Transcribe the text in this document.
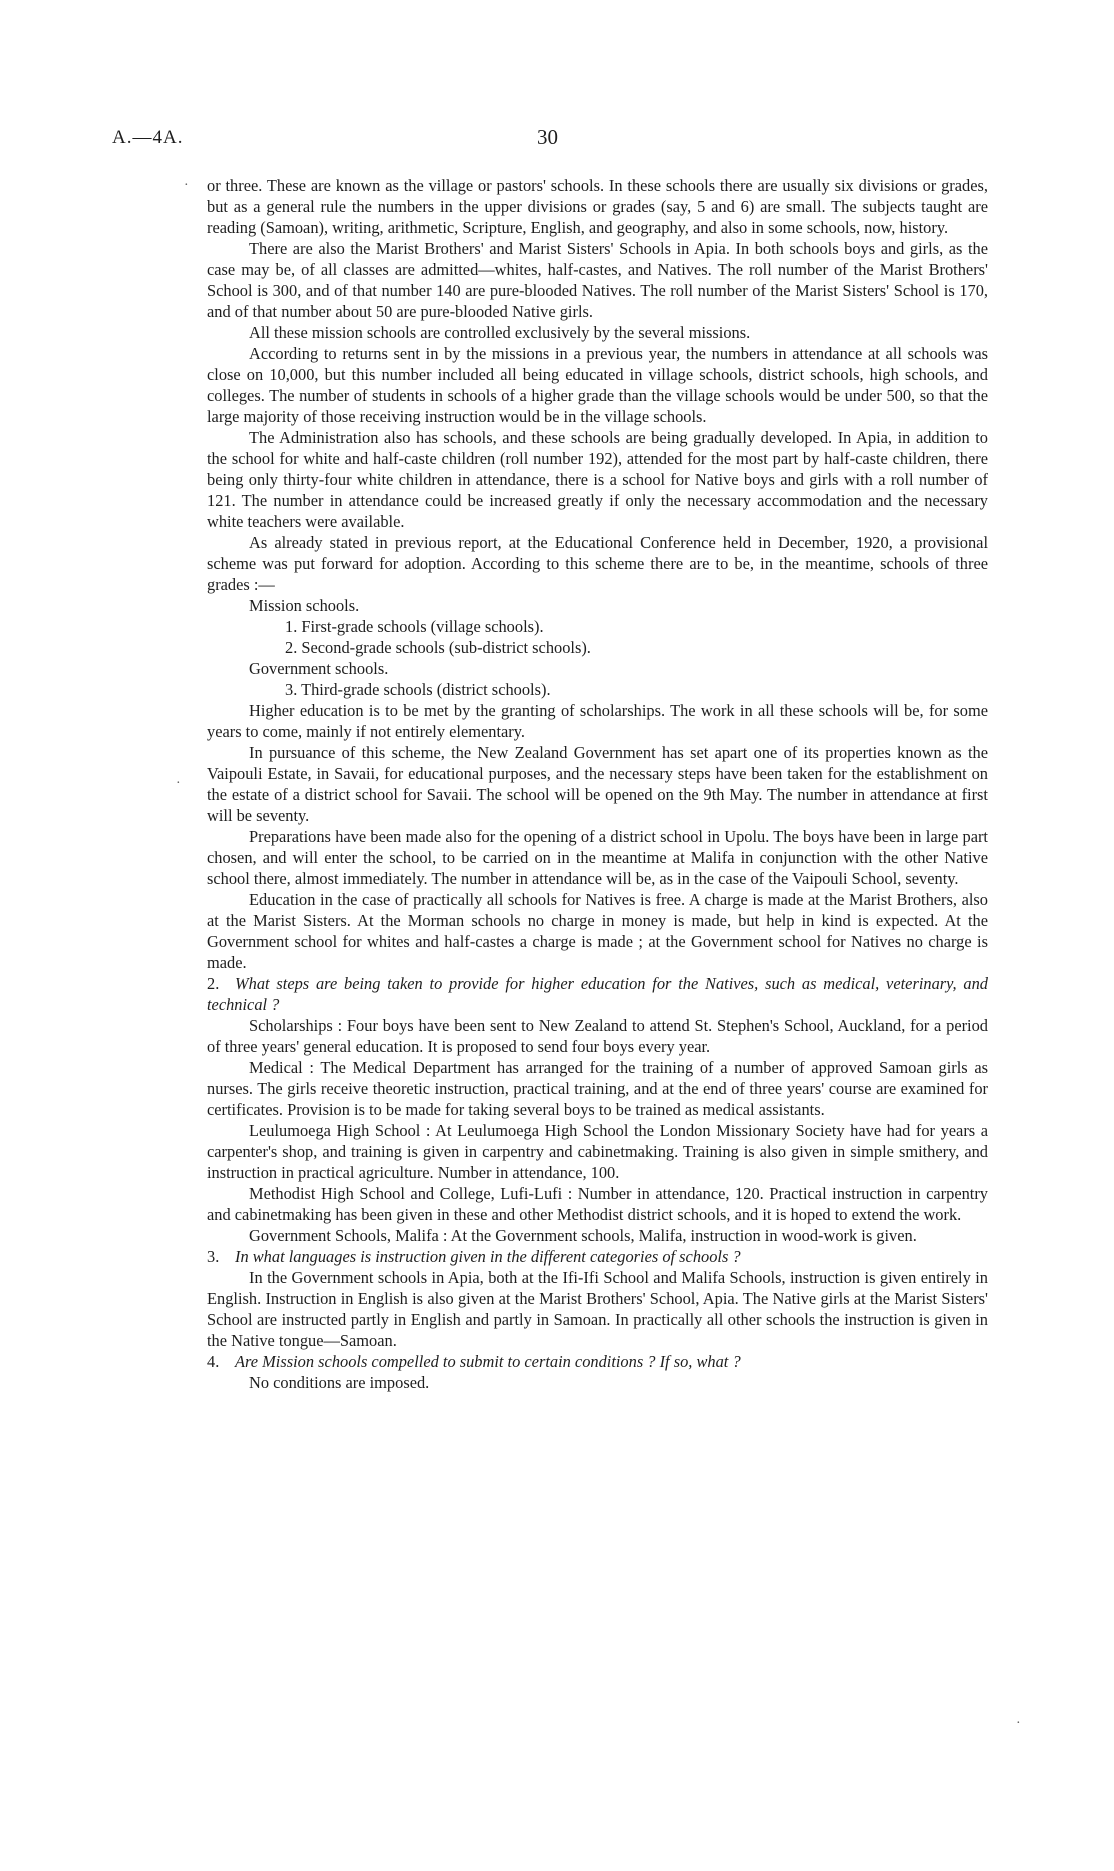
A.—4A.	30
·
·
·

or three. These are known as the village or pastors' schools. In these schools there are usually six divisions or grades, but as a general rule the numbers in the upper divisions or grades (say, 5 and 6) are small. The subjects taught are reading (Samoan), writing, arithmetic, Scripture, English, and geography, and also in some schools, now, history.

There are also the Marist Brothers' and Marist Sisters' Schools in Apia. In both schools boys and girls, as the case may be, of all classes are admitted—whites, half-castes, and Natives. The roll number of the Marist Brothers' School is 300, and of that number 140 are pure-blooded Natives. The roll number of the Marist Sisters' School is 170, and of that number about 50 are pure-blooded Native girls.

All these mission schools are controlled exclusively by the several missions.

According to returns sent in by the missions in a previous year, the numbers in attendance at all schools was close on 10,000, but this number included all being educated in village schools, district schools, high schools, and colleges. The number of students in schools of a higher grade than the village schools would be under 500, so that the large majority of those receiving instruction would be in the village schools.

The Administration also has schools, and these schools are being gradually developed. In Apia, in addition to the school for white and half-caste children (roll number 192), attended for the most part by half-caste children, there being only thirty-four white children in attendance, there is a school for Native boys and girls with a roll number of 121. The number in attendance could be increased greatly if only the necessary accommodation and the necessary white teachers were available.

As already stated in previous report, at the Educational Conference held in December, 1920, a provisional scheme was put forward for adoption. According to this scheme there are to be, in the meantime, schools of three grades :—

Mission schools.
1. First-grade schools (village schools).
2. Second-grade schools (sub-district schools).
Government schools.
3. Third-grade schools (district schools).

Higher education is to be met by the granting of scholarships. The work in all these schools will be, for some years to come, mainly if not entirely elementary.

In pursuance of this scheme, the New Zealand Government has set apart one of its properties known as the Vaipouli Estate, in Savaii, for educational purposes, and the necessary steps have been taken for the establishment on the estate of a district school for Savaii. The school will be opened on the 9th May. The number in attendance at first will be seventy.

Preparations have been made also for the opening of a district school in Upolu. The boys have been in large part chosen, and will enter the school, to be carried on in the meantime at Malifa in conjunction with the other Native school there, almost immediately. The number in attendance will be, as in the case of the Vaipouli School, seventy.

Education in the case of practically all schools for Natives is free. A charge is made at the Marist Brothers, also at the Marist Sisters. At the Morman schools no charge in money is made, but help in kind is expected. At the Government school for whites and half-castes a charge is made ; at the Government school for Natives no charge is made.

2. What steps are being taken to provide for higher education for the Natives, such as medical, veterinary, and technical ?

Scholarships : Four boys have been sent to New Zealand to attend St. Stephen's School, Auckland, for a period of three years' general education. It is proposed to send four boys every year.

Medical : The Medical Department has arranged for the training of a number of approved Samoan girls as nurses. The girls receive theoretic instruction, practical training, and at the end of three years' course are examined for certificates. Provision is to be made for taking several boys to be trained as medical assistants.

Leulumoega High School : At Leulumoega High School the London Missionary Society have had for years a carpenter's shop, and training is given in carpentry and cabinetmaking. Training is also given in simple smithery, and instruction in practical agriculture. Number in attendance, 100.

Methodist High School and College, Lufi-Lufi : Number in attendance, 120. Practical instruction in carpentry and cabinetmaking has been given in these and other Methodist district schools, and it is hoped to extend the work.

Government Schools, Malifa : At the Government schools, Malifa, instruction in wood-work is given.

3. In what languages is instruction given in the different categories of schools ?

In the Government schools in Apia, both at the Ifi-Ifi School and Malifa Schools, instruction is given entirely in English. Instruction in English is also given at the Marist Brothers' School, Apia. The Native girls at the Marist Sisters' School are instructed partly in English and partly in Samoan. In practically all other schools the instruction is given in the Native tongue—Samoan.

4. Are Mission schools compelled to submit to certain conditions ? If so, what ?

No conditions are imposed.
